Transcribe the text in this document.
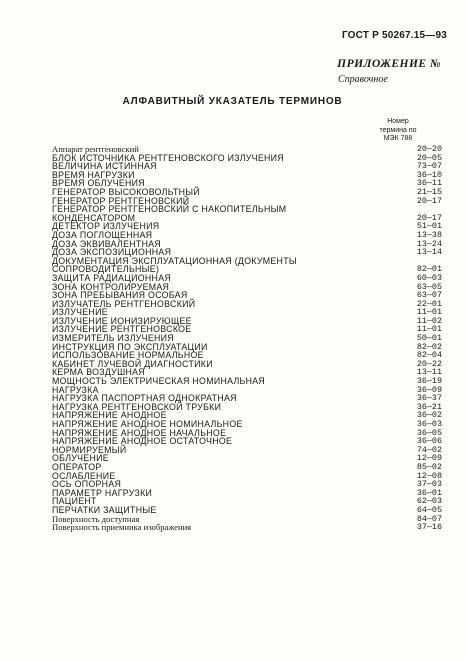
ГОСТ Р 50267.15—93
ПРИЛОЖЕНИЕ №
Справочное
АЛФАВИТНЫЙ УКАЗАТЕЛЬ ТЕРМИНОВ
Номер
термина по
МЭК 788
Аппарат рентгеновский	20—20
БЛОК ИСТОЧНИКА РЕНТГЕНОВСКОГО ИЗЛУЧЕНИЯ	20—05
ВЕЛИЧИНА ИСТИННАЯ	73—07
ВРЕМЯ НАГРУЗКИ	36—10
ВРЕМЯ ОБЛУЧЕНИЯ	36—11
ГЕНЕРАТОР ВЫСОКОВОЛЬТНЫЙ	21—15
ГЕНЕРАТОР РЕНТГЕНОВСКИЙ	20—17
ГЕНЕРАТОР РЕНТГЕНОВСКИЙ С НАКОПИТЕЛЬНЫМ
КОНДЕНСАТОРОМ	20—17
ДЕТЕКТОР ИЗЛУЧЕНИЯ	51—01
ДОЗА ПОГЛОЩЕННАЯ	13—38
ДОЗА ЭКВИВАЛЕНТНАЯ	13—24
ДОЗА ЭКСПОЗИЦИОННАЯ	13—14
ДОКУМЕНТАЦИЯ ЭКСПЛУАТАЦИОННАЯ (ДОКУМЕНТЫ
СОПРОВОДИТЕЛЬНЫЕ)	82—01
ЗАЩИТА РАДИАЦИОННАЯ	60—03
ЗОНА КОНТРОЛИРУЕМАЯ	63—05
ЗОНА ПРЕБЫВАНИЯ ОСОБАЯ	63—07
ИЗЛУЧАТЕЛЬ РЕНТГЕНОВСКИЙ	22—01
ИЗЛУЧЕНИЕ	11—01
ИЗЛУЧЕНИЕ ИОНИЗИРУЮЩЕЕ	11—02
ИЗЛУЧЕНИЕ РЕНТГЕНОВСКОЕ	11—01
ИЗМЕРИТЕЛЬ ИЗЛУЧЕНИЯ	50—01
ИНСТРУКЦИЯ ПО ЭКСПЛУАТАЦИИ	82—02
ИСПОЛЬЗОВАНИЕ НОРМАЛЬНОЕ	82—04
КАБИНЕТ ЛУЧЕВОЙ ДИАГНОСТИКИ	20—22
КЕРМА ВОЗДУШНАЯ	13—11
МОЩНОСТЬ ЭЛЕКТРИЧЕСКАЯ НОМИНАЛЬНАЯ	36—19
НАГРУЗКА	36—09
НАГРУЗКА ПАСПОРТНАЯ ОДНОКРАТНАЯ	36—37
НАГРУЗКА РЕНТГЕНОВСКОЙ ТРУБКИ	36—21
НАПРЯЖЕНИЕ АНОДНОЕ	36—02
НАПРЯЖЕНИЕ АНОДНОЕ НОМИНАЛЬНОЕ	36—03
НАПРЯЖЕНИЕ АНОДНОЕ НАЧАЛЬНОЕ	36—05
НАПРЯЖЕНИЕ АНОДНОЕ ОСТАТОЧНОЕ	36—06
НОРМИРУЕМЫЙ	74—02
ОБЛУЧЕНИЕ	12—09
ОПЕРАТОР	85—02
ОСЛАБЛЕНИЕ	12—08
ОСЬ ОПОРНАЯ	37—03
ПАРАМЕТР НАГРУЗКИ	36—01
ПАЦИЕНТ	62—03
ПЕРЧАТКИ ЗАЩИТНЫЕ	64—05
Поверхность доступная	84—07
Поверхность приемника изображения	37—16
